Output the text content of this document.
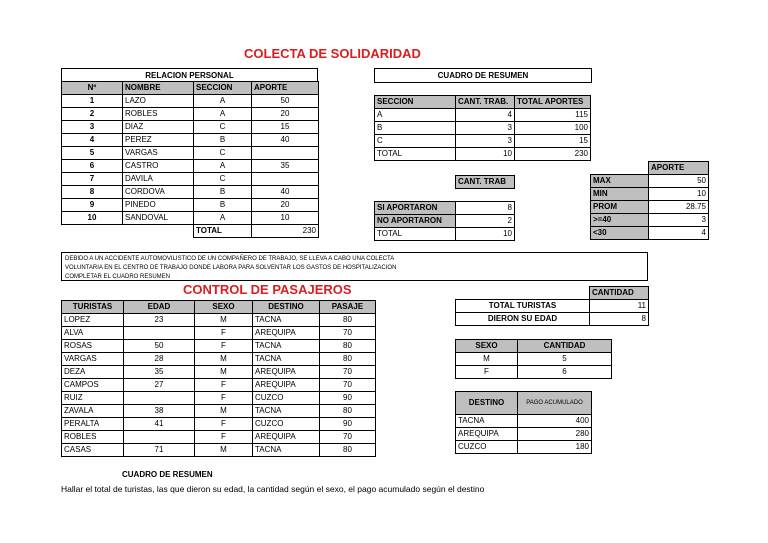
COLECTA DE SOLIDARIDAD
CONTROL DE PASAJEROS
RELACION PERSONAL
Nº	NOMBRE	SECCION	APORTE
1	LAZO	A	50
2	ROBLES	A	20
3	DIAZ	C	15
4	PEREZ	B	40
5	VARGAS	C	
6	CASTRO	A	35
7	DAVILA	C	
8	CORDOVA	B	40
9	PINEDO	B	20
10	SANDOVAL	A	10
		TOTAL	230
CUADRO DE RESUMEN
SECCION	CANT. TRAB.	TOTAL APORTES
A	4	115
B	3	100
C	3	15
TOTAL	10	230
	CANT. TRAB

SI APORTARON	8
NO APORTARON	2
TOTAL	10
	APORTE
MAX	50
MIN	10
PROM	28.75
>=40	3
<30	4
DEBIDO A UN ACCIDENTE AUTOMOVILISTICO DE UN COMPAÑERO DE TRABAJO, SE LLEVA A CABO UNA COLECTA
VOLUNTARIA EN EL CENTRO DE TRABAJO DONDE LABORA PARA SOLVENTAR LOS GASTOS DE HOSPITALIZACION
COMPLETAR EL CUADRO RESUMEN
TURISTAS	EDAD	SEXO	DESTINO	PASAJE
LOPEZ	23	M	TACNA	80
ALVA		F	AREQUIPA	70
ROSAS	50	F	TACNA	80
VARGAS	28	M	TACNA	80
DEZA	35	M	AREQUIPA	70
CAMPOS	27	F	AREQUIPA	70
RUIZ		F	CUZCO	90
ZAVALA	38	M	TACNA	80
PERALTA	41	F	CUZCO	90
ROBLES		F	AREQUIPA	70
CASAS	71	M	TACNA	80
	CANTIDAD
TOTAL TURISTAS	11
DIERON SU EDAD	8
SEXO	CANTIDAD
M	5
F	6
DESTINO	PAGO ACUMULADO
TACNA	400
AREQUIPA	280
CUZCO	180
CUADRO DE RESUMEN
Hallar el total de turistas, las que dieron su edad, la cantidad según el sexo, el pago acumulado según el destino
